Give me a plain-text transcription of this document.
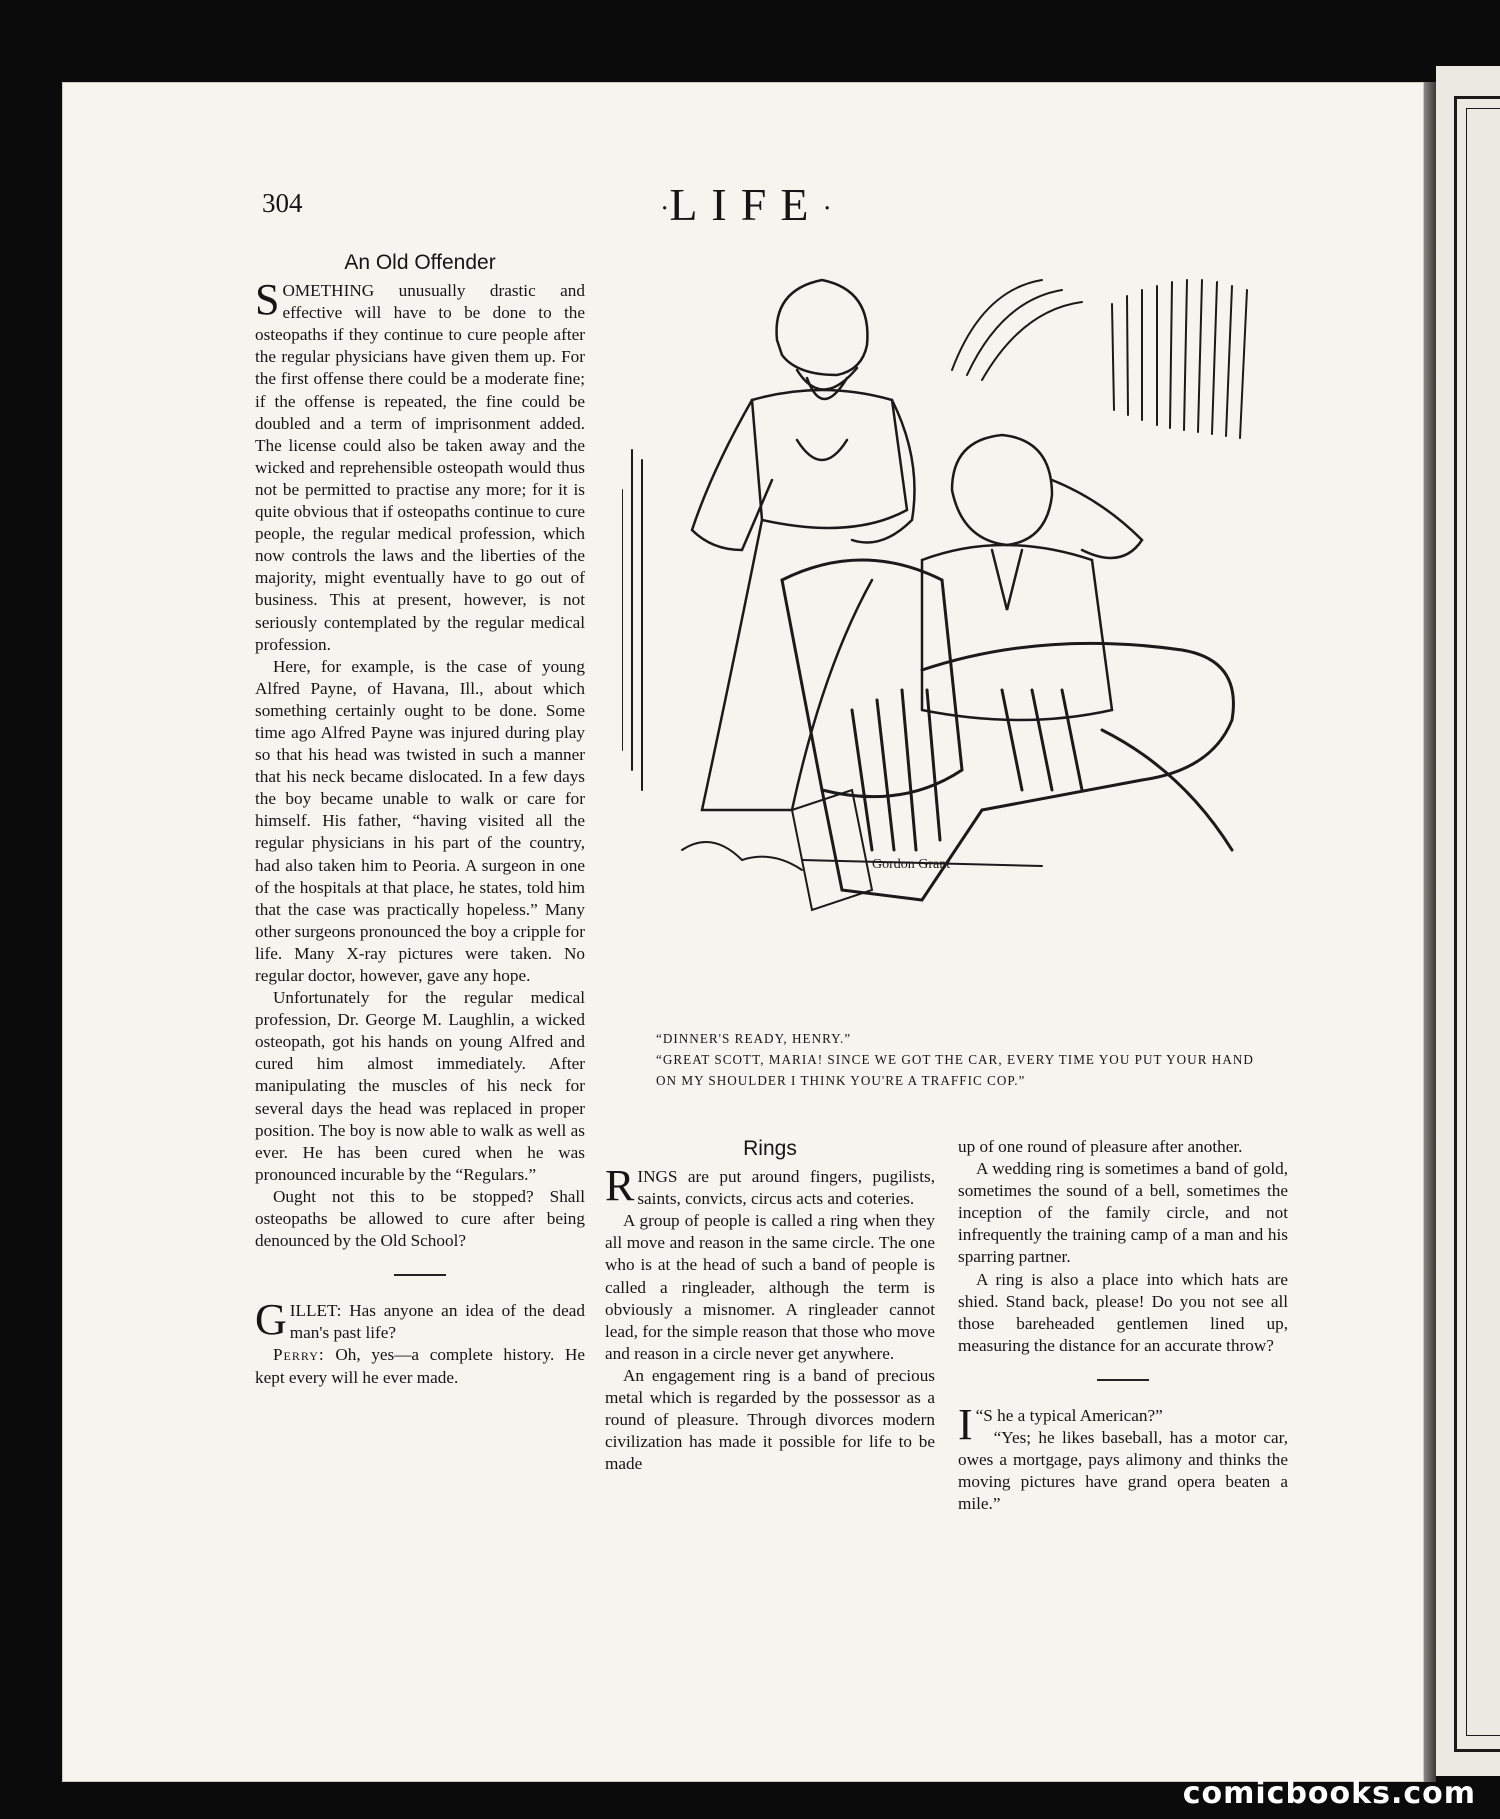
304	·LIFE·
An Old Offender

SOMETHING unusually drastic and effective will have to be done to the osteopaths if they continue to cure people after the regular physicians have given them up. For the first offense there could be a moderate fine; if the offense is repeated, the fine could be doubled and a term of imprisonment added. The license could also be taken away and the wicked and reprehensible osteopath would thus not be permitted to practise any more; for it is quite obvious that if osteopaths continue to cure people, the regular medical profession, which now controls the laws and the liberties of the majority, might eventually have to go out of business. This at present, however, is not seriously contemplated by the regular medical profession.

Here, for example, is the case of young Alfred Payne, of Havana, Ill., about which something certainly ought to be done. Some time ago Alfred Payne was injured during play so that his head was twisted in such a manner that his neck became dislocated. In a few days the boy became unable to walk or care for himself. His father, “having visited all the regular physicians in his part of the country, had also taken him to Peoria. A surgeon in one of the hospitals at that place, he states, told him that the case was practically hopeless.” Many other surgeons pronounced the boy a cripple for life. Many X-ray pictures were taken. No regular doctor, however, gave any hope.

Unfortunately for the regular medical profession, Dr. George M. Laughlin, a wicked osteopath, got his hands on young Alfred and cured him almost immediately. After manipulating the muscles of his neck for several days the head was replaced in proper position. The boy is now able to walk as well as ever. He has been cured when he was pronounced incurable by the “Regulars.”

Ought not this to be stopped? Shall osteopaths be allowed to cure after being denounced by the Old School?

GILLET: Has anyone an idea of the dead man's past life?

Perry: Oh, yes—a complete history. He kept every will he ever made.

Gordon Grant

“DINNER'S READY, HENRY.”

“GREAT SCOTT, MARIA! SINCE WE GOT THE CAR, EVERY TIME YOU PUT YOUR HAND ON MY SHOULDER I THINK YOU'RE A TRAFFIC COP.”

Rings

RINGS are put around fingers, pugilists, saints, convicts, circus acts and coteries.

A group of people is called a ring when they all move and reason in the same circle. The one who is at the head of such a band of people is called a ringleader, although the term is obviously a misnomer. A ringleader cannot lead, for the simple reason that those who move and reason in a circle never get anywhere.

An engagement ring is a band of precious metal which is regarded by the possessor as a round of pleasure. Through divorces modern civilization has made it possible for life to be made

up of one round of pleasure after another.

A wedding ring is sometimes a band of gold, sometimes the sound of a bell, sometimes the inception of the family circle, and not infrequently the training camp of a man and his sparring partner.

A ring is also a place into which hats are shied. Stand back, please! Do you not see all those bareheaded gentlemen lined up, measuring the distance for an accurate throw?

“
I S he a typical American?”

“Yes; he likes baseball, has a motor car, owes a mortgage, pays alimony and thinks the moving pictures have grand opera beaten a mile.”

comicbooks.com
